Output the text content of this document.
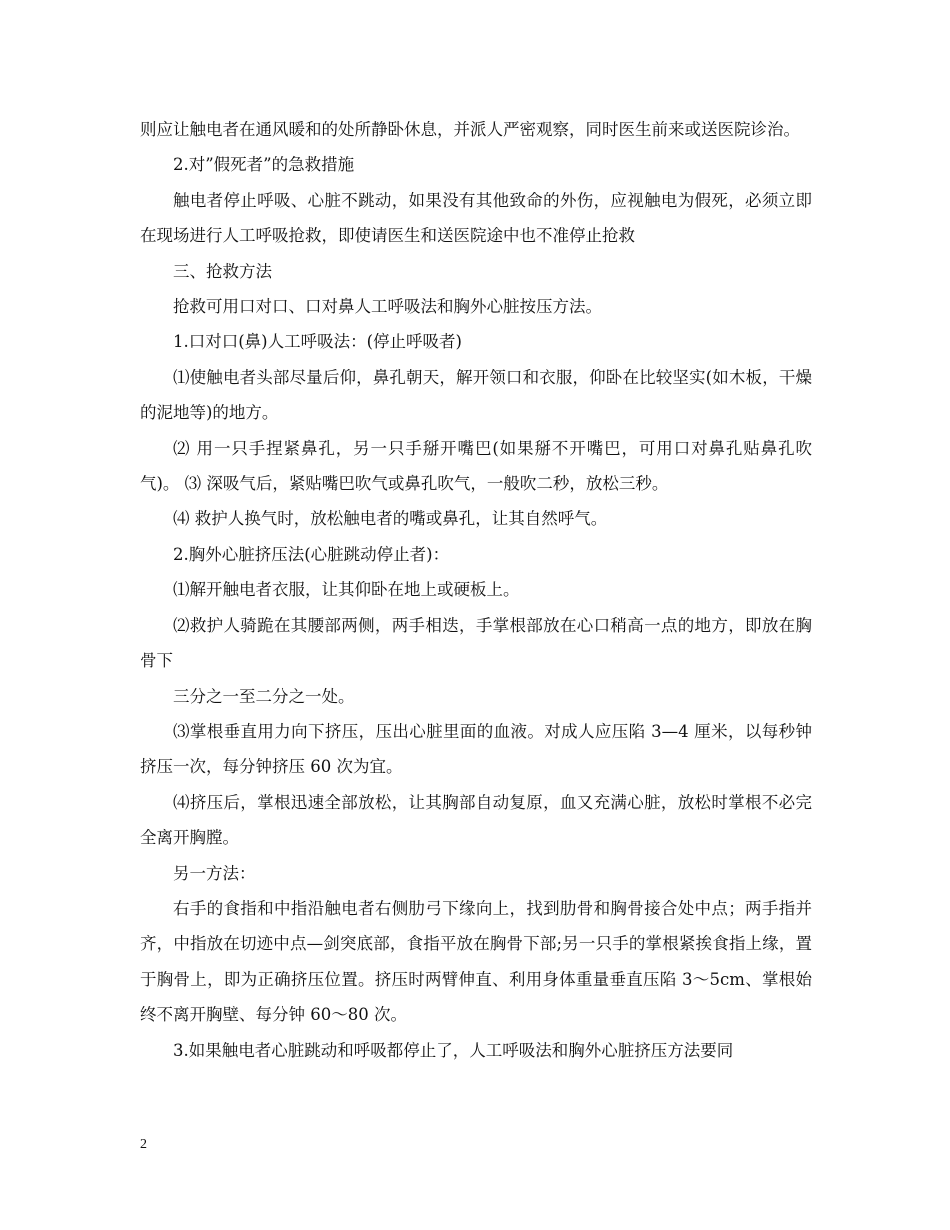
则应让触电者在通风暖和的处所静卧休息，并派人严密观察，同时医生前来或送医院诊治。

2.对”假死者”的急救措施

触电者停止呼吸、心脏不跳动，如果没有其他致命的外伤，应视触电为假死，必须立即在现场进行人工呼吸抢救，即使请医生和送医院途中也不准停止抢救

三、抢救方法

抢救可用口对口、口对鼻人工呼吸法和胸外心脏按压方法。

1.口对口(鼻)人工呼吸法：(停止呼吸者)

⑴使触电者头部尽量后仰，鼻孔朝天，解开领口和衣服，仰卧在比较坚实(如木板，干燥的泥地等)的地方。

⑵ 用一只手捏紧鼻孔，另一只手掰开嘴巴(如果掰不开嘴巴，可用口对鼻孔贴鼻孔吹气)。 ⑶ 深吸气后，紧贴嘴巴吹气或鼻孔吹气，一般吹二秒，放松三秒。

⑷ 救护人换气时，放松触电者的嘴或鼻孔，让其自然呼气。

2.胸外心脏挤压法(心脏跳动停止者)：

⑴解开触电者衣服，让其仰卧在地上或硬板上。

⑵救护人骑跪在其腰部两侧，两手相迭，手掌根部放在心口稍高一点的地方，即放在胸骨下

三分之一至二分之一处。

⑶掌根垂直用力向下挤压，压出心脏里面的血液。对成人应压陷 3—4 厘米，以每秒钟挤压一次，每分钟挤压 60 次为宜。

⑷挤压后，掌根迅速全部放松，让其胸部自动复原，血又充满心脏，放松时掌根不必完全离开胸膛。

另一方法：

右手的食指和中指沿触电者右侧肋弓下缘向上，找到肋骨和胸骨接合处中点；两手指并齐，中指放在切迹中点—剑突底部，食指平放在胸骨下部;另一只手的掌根紧挨食指上缘，置于胸骨上，即为正确挤压位置。挤压时两臂伸直、利用身体重量垂直压陷 3～5cm、掌根始终不离开胸壁、每分钟 60～80 次。

3.如果触电者心脏跳动和呼吸都停止了，人工呼吸法和胸外心脏挤压方法要同

2
